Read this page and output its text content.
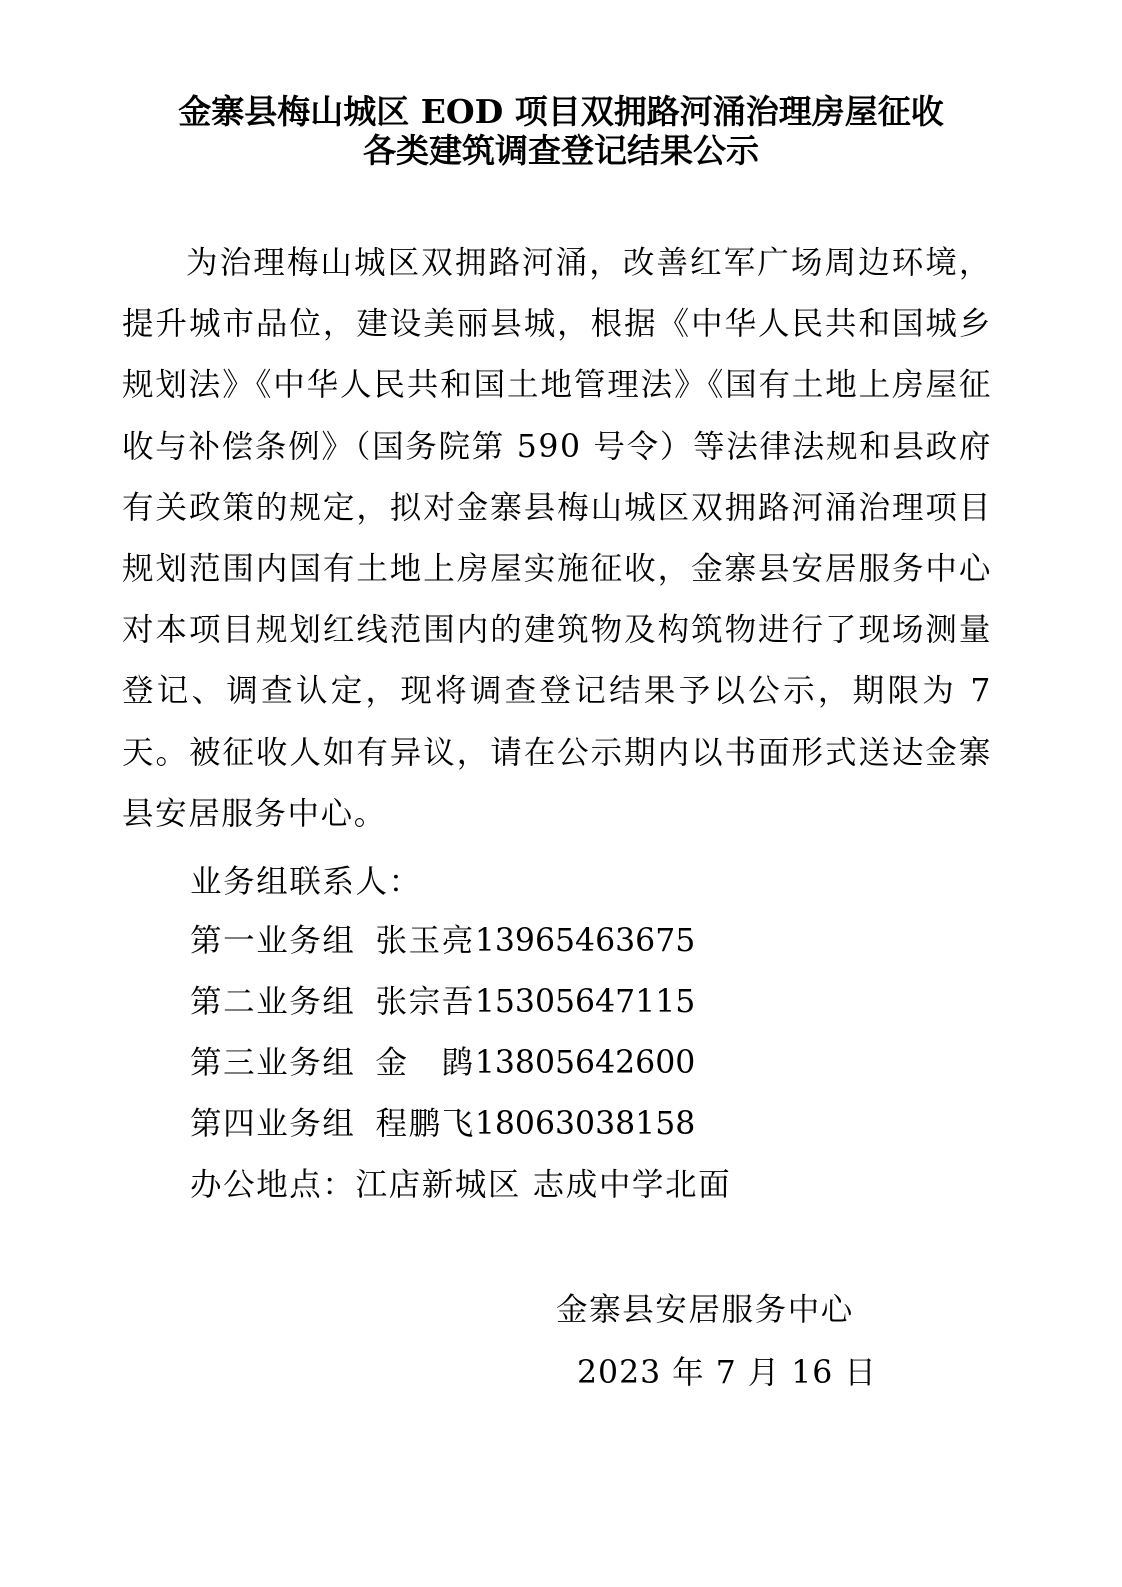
金寨县梅山城区 EOD 项目双拥路河涌治理房屋征收
各类建筑调查登记结果公示

为治理梅山城区双拥路河涌，改善红军广场周边环境，提升城市品位，建设美丽县城，根据《中华人民共和国城乡规划法》《中华人民共和国土地管理法》《国有土地上房屋征收与补偿条例》（国务院第 590 号令）等法律法规和县政府有关政策的规定，拟对金寨县梅山城区双拥路河涌治理项目规划范围内国有土地上房屋实施征收，金寨县安居服务中心对本项目规划红线范围内的建筑物及构筑物进行了现场测量登记、调查认定，现将调查登记结果予以公示，期限为 7 天。被征收人如有异议，请在公示期内以书面形式送达金寨县安居服务中心。

业务组联系人：
第一业务组 张玉亮13965463675
第二业务组 张宗吾15305647115
第三业务组 金　鹍13805642600
第四业务组 程鹏飞18063038158
办公地点：江店新城区 志成中学北面
金寨县安居服务中心
2023 年 7 月 16 日
